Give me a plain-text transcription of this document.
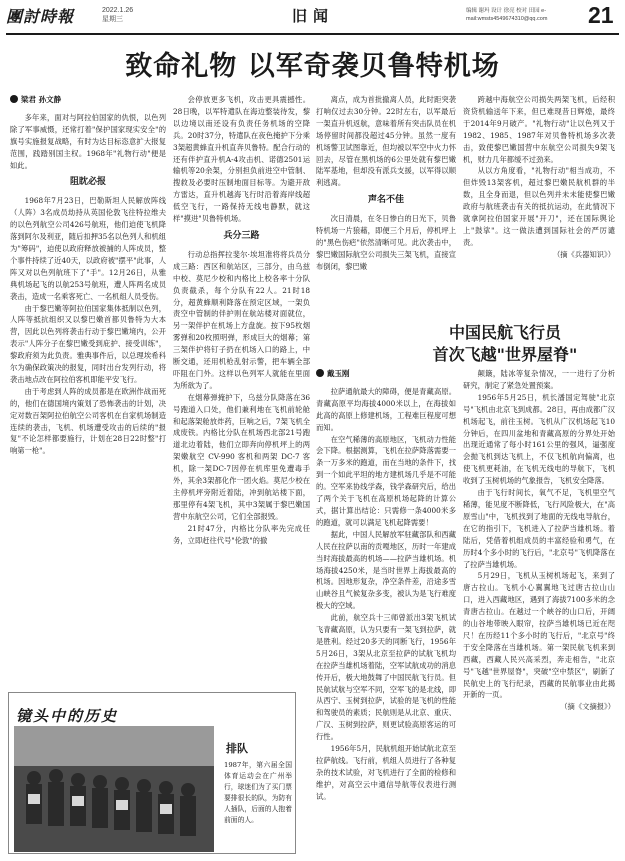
團討時報	2022.1.26
星期三	旧闻	编辑 谢玛 设计 徐亮 校对 田园 e-mail:wmsts4549674310@qq.com	21
致命礼物 以军奇袭贝鲁特机场
梁君 孙文静

多年来，面对与阿拉伯国家的仇恨，以色列除了军事威慑，还常打着"保护国家现实安全"的旗号实施报复战略，有时为达目标恣意扩大报复范围，践踏别国主权。1968年"礼物行动"便是如此。

阻眈必报

1968年7月23日，巴勒斯坦人民解放阵线（人阵）3名成员劫持从英国伦敦飞往特拉维夫的以色列航空公司426号航班，他们迫使飞机降落到阿尔及利亚，随后扣押35名以色列人和机组为"筹码"，迫使以政府释放被捕的人阵成员，整个事件持续了近40天，以政府被"摆平"此事，人阵又对以色列航班下了"手"。12月26日，从雅典机场起飞的以航253号航班，遭人阵两名成员袭击，造成一名乘客死亡、一名机组人员受伤。

由于黎巴嫩等阿拉伯国家集体抵制以色列，人阵等抵抗组织又以黎巴嫩首都贝鲁特为大本营，因此以色列将袭击行动于黎巴嫩境内，公开表示"人阵分子在黎巴嫩受到庇护、接受训练"，黎政府须为此负责。雅典事件后，以总理埃希科尔为确保政策决的报复，同时出台发列行动，将袭击地点改在阿拉伯客机即能平安飞行。

由于考虑到人阵的成员都是在欧洲作战而死的，他们在德国境内策划了恐怖袭击的计划，决定对数百架阿拉伯航空公司客机在自家机场制造连续的袭击，飞机、机场遭受攻击的后续的"报复"不论怎样都要施行，计划在28日22时整"打响第一枪"。

会停放更多飞机，攻击更具震撼性。28日晚，以军特遣队在海边整装待发，黎以边境以南还设有负责任务机场的空降兵。20时37分，特遣队在夜色掩护下分乘3架超黄蜂直升机直奔贝鲁特。配合行动的还有伴护直升机A-4攻击机、诺德2501运输机等20余架，分别担负前进空中管制、搜救及必要时压制地面目标等。为避开敌方雷达，直升机越海飞行时沿着海岸线超低空飞行，一路保持无线电静默，就这样"摸进"贝鲁特机场。

兵分三路

行动总指挥拉斐尔·埃坦准将将兵员分成三路：西区和航站区，三部分，由乌兹中校、莫尼少校和内格比上校各率十分队负责截杀，每个分队有22人。21时18分，超黄蜂顺利降落在预定区域，一架负责空中管制的伴护则在航站楼对面就位，另一架伴护在机场上方盘旋。按下95枚烟雾弹和20枚照明弹，形成巨大的烟幕；第三架伴护将钉子扔在机场入口的路上，中断交通，还用机枪乱射示警，把车辆全部吓阻在门外。这样以色列军人就能在里面为所欲为了。

在烟幕弹掩护下，乌兹分队降落在36号跑道入口处，他们兼利地在飞机前轮舱和起落架舱放炸药，巨响之后，7架飞机全成废铁。内格比分队在机场西北部21号跑道北边着陆，他们立即奔向停机坪上的两架嫩航空 CV-990 客机和两架 DC-7 客机，除一架DC-7因停在机库里免遭毒手外，其余3架都化作一团火焰。莫尼少校在主停机坪旁附近着陆，冲到航站楼下面，那里停有4架飞机，其中3架属于黎巴嫩国营中东航空公司，它们全部报毁。

21时47分，内格比分队率先完成任务，立即赶往代号"伦敦"的撤

离点，成为首批撤离人员，此时距突袭打响仅过去30分钟。22时左右，以军最后一架直升机返航，意味着所有突击队员在机场停留时间都没超过45分钟。虽然一度有机场警卫试图靠近，但均被以军空中火力怀回去，尽管在黑机场的6公里处就有黎巴嫩陆军基地，但却没有派兵支援，以军得以顺利逃离。

声名不佳

次日清晨，在冬日惨白的日光下，贝鲁特机场一片狼藉，即便三个月后，停机坪上的"黑色伤疤"依然清晰可见。此次袭击中，黎巴嫩国际航空公司损失三架飞机，直接宣布倒闭，黎巴嫩

跨越中海航空公司损失两架飞机，后经积资贷机输送年下来，但已难现昔日辉煌，最终于2014年9月破产。"礼物行动"让以色列又于1982、1985、1987年对贝鲁特机场多次袭击，致使黎巴嫩国营中东航空公司损失9架飞机，财力几年都缓不过劲来。

从以方角度看，"礼物行动"相当成功，不但炸毁13架客机，超过黎巴嫩民航机群的半数，且全身而退，但以色列并未未能使黎巴嫩政府与航班袭击有关的抵抗运动，在此情况下就拿阿拉伯国家开展"开刀"，还在国际舆论上"鼓挲"。这一做法遭到国际社会的严厉谴责。

（摘《兵器知识》）

中国民航飞行员
首次飞越"世界屋脊"
戴玉刚

拉萨通航最大的障碍，便是青藏高原。青藏高原平均海拔4000米以上，在海拔如此高的高原上修建机场，工程难巨程度可想而知。

在空气稀薄的高原地区，飞机动力性能会下降。根据测算，飞机在拉萨降落需要一条一万多米的跑道，而在当地的条件下，找到一个如此平坦的地方建机场几乎是不可能的。空军来协线学森，钱学森研究后，给出了两个关于飞机在高原机场起降的计算公式，据计算出结论：只需修一条4000米多的跑道，就可以满足飞机起降需要！

据此，中国人民解放军驻藏部队和西藏人民在拉萨以南的贡嘎地区，历时一年建成当时海拔最高的机场——拉萨当雄机场。机场海拔4250米，是当时世界上海拔最高的机场。因地形复杂，净空条件差，沿途多雪山峡谷且气候复杂多变，被认为是飞行难度极大的空域。

此前，航空兵十三师曾派出3架飞机试飞青藏高原，认为只要有一架飞到拉萨，就是胜利。经过20多天的同断飞行，1956年5月26日，3架从北京至拉萨的试航飞机均在拉萨当雄机场着陆，空军试航成功的消息传开后，极大地鼓舞了中国民航飞行员。但民航试航与空军不同，空军飞的是北线，即从西宁、玉树到拉萨，试验的是飞机的性能和驾驶员的素质；民航则是从北京、重庆、广汉、玉树到拉萨，则更试验高原客运的可行性。

1956年5月，民航机组开始试航北京至拉萨航线。飞行前，机组人员进行了各种复杂的技术试验，对飞机进行了全面的检修和维护，对高空云中通信导航等仪表进行测试。

颠簸，陆冰等复杂情况，一一进行了分析研究，制定了紧急处置预案。

1956年5月25日，机长潘国定驾驶"北京号"飞机由北京飞到成都。28日，再由成都广汉机场起飞，前往玉树。飞机从广汉机场起飞10分钟后，在四川盆地和青藏高原的分界处开始出现近通常了每小时161公里的强风，逼强度会抛飞机到达飞机上，不仅飞机航向偏离，也使飞机更耗油，在飞机无线电的导航下，飞机收到了玉树机场的气象报告，飞机安全降落。

由于飞行时间长，氧气不足，飞机里空气稀薄，能见度不断降低，飞行风险极大，在"高原雪山"中，飞机找到了地面的无线电导航台，在它的指引下，飞机进入了拉萨当雄机场。着陆后，凭借着机组成员的丰富经验和勇气，在历时4个多小时的飞行后，"北京号"飞机降落在了拉萨当雄机场。

5月29日，飞机从玉树机场起飞，来到了唐古拉山。飞机小心翼翼地飞过唐古拉山山口，进入西藏地区，遇到了海拔7100多米的念青唐古拉山。在越过一个峡谷的山口后，开阔的山谷地带映入眼帘，拉萨当雄机场已近在咫尺！在历经11个多小时的飞行后，"北京号"终于安全降落在当雄机场。第一架民航飞机来到西藏，西藏人民兴高采烈，奔走相告，"北京号"飞越"世界屋脊"，突破"空中禁区"，刷新了民航史上的飞行纪录，西藏的民航事业由此揭开新的一页。

（摘《文摘报》）

镜头中的历史
排队
1987年，第六届全国体育运动会在广州举行，球迷们为了买门票要排很长的队，为防有人插队，后面的人抱着前面的人。
